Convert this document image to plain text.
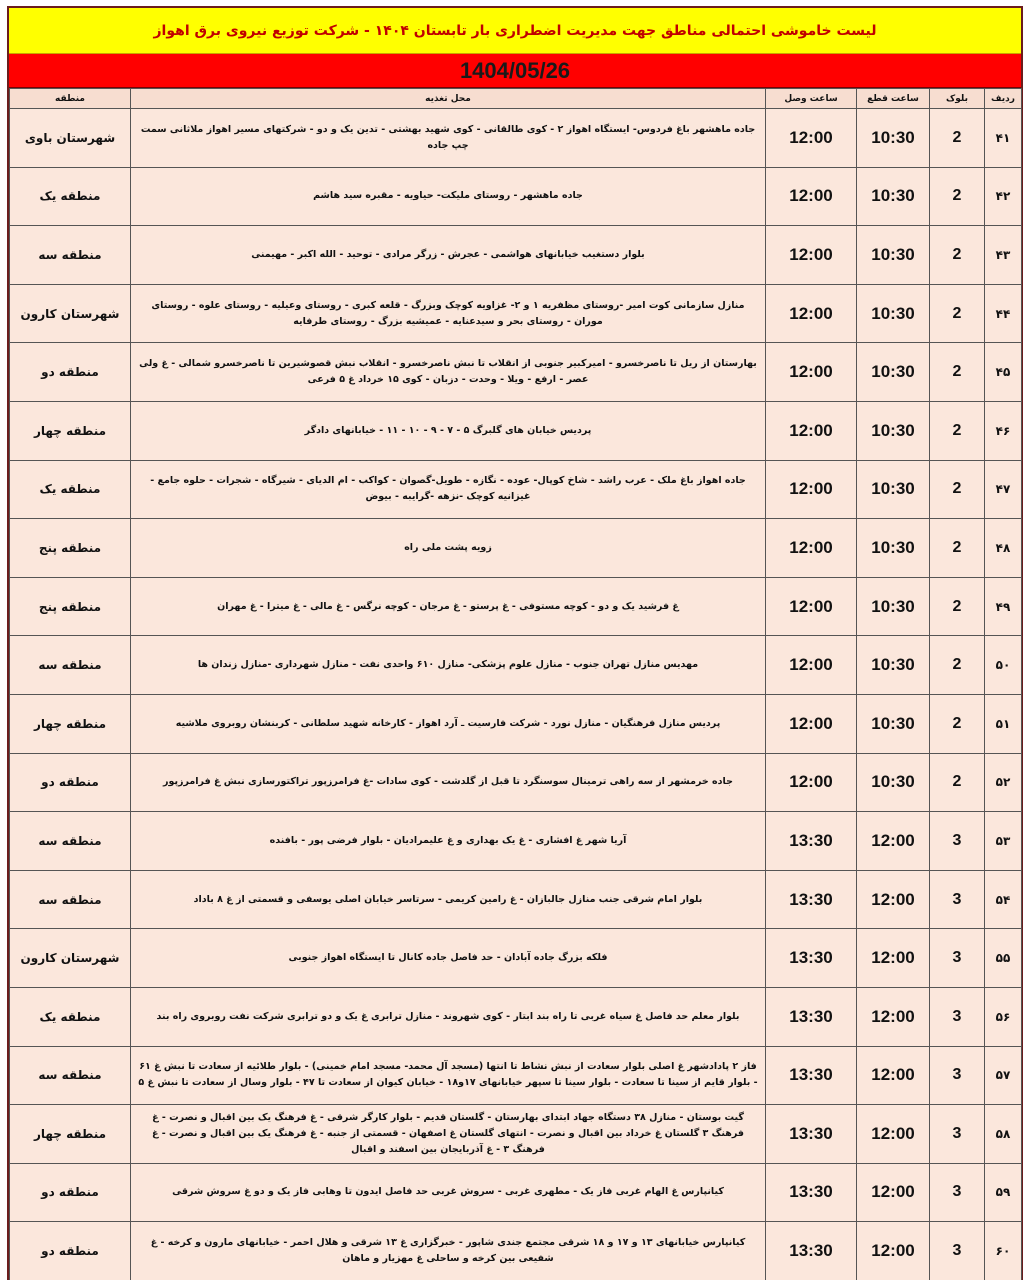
لیست خاموشی احتمالی مناطق جهت مدیریت اضطراری بار تابستان ۱۴۰۴ - شرکت توزیع نیروی برق اهواز
1404/05/26
ردیف	بلوک	ساعت قطع	ساعت وصل	محل تغذیه	منطقه
۴۱	2	10:30	12:00	جاده ماهشهر باغ فردوس- ایستگاه اهواز ۲ - کوی طالقانی - کوی شهید بهشتی - تدین یک و دو - شرکتهای مسیر اهواز ملاثانی سمت چپ جاده	شهرستان باوی
۴۲	2	10:30	12:00	جاده ماهشهر - روستای ملیکت- حیاویه - مقبره سید هاشم	منطقه یک
۴۳	2	10:30	12:00	بلوار دستغیب خیابانهای هواشمی - عجرش - زرگر مرادی - توحید - الله اکبر - مهیمنی	منطقه سه
۴۴	2	10:30	12:00	منازل سازمانی کوت امیر -روستای مظفریه ۱ و ۲- غزاویه کوچک وبزرگ - قلعه کبری - روستای وعیلیه - روستای علوه - روستای موران - روستای بحر و سیدعنایه - عمیشیه بزرگ - روستای طرفایه	شهرستان کارون
۴۵	2	10:30	12:00	بهارستان از ریل تا ناصرخسرو - امیرکبیر جنوبی از انقلاب تا نبش ناصرخسرو - انقلاب نبش قصوشیرین تا ناصرخسرو شمالی - غ ولی عصر - ارفع - ویلا - وحدت - دزبان - کوی ۱۵ خرداد غ ۵ فرعی	منطقه دو
۴۶	2	10:30	12:00	پردیس خیابان های گلبرگ ۵ - ۷ - ۹ - ۱۰ - ۱۱ - خیابانهای دادگر	منطقه چهار
۴۷	2	10:30	12:00	جاده اهواز باغ ملک - عرب راشد - شاخ کوپال- عوده - نگازه - طویل-گصوان - کواکب - ام الدیای - شیرگاه - شجرات - حلوه جامع - غیزانیه کوچک -نزهه -گرایبه - بیوض	منطقه یک
۴۸	2	10:30	12:00	زویه پشت ملی راه	منطقه پنج
۴۹	2	10:30	12:00	غ فرشید یک و دو - کوچه مستوفی - غ پرستو - غ مرجان - کوچه نرگس - غ مالی - غ میترا - غ مهران	منطقه پنج
۵۰	2	10:30	12:00	مهدیس منازل تهران جنوب - منازل علوم پزشکی- منازل ۶۱۰ واحدی نفت - منازل شهرداری -منازل زندان ها	منطقه سه
۵۱	2	10:30	12:00	پردیس منازل فرهنگیان - منازل نورد - شرکت فارسیت ـ آرد اهواز - کارخانه شهید سلطانی - کربنشان روبروی ملاشیه	منطقه چهار
۵۲	2	10:30	12:00	جاده خرمشهر از سه راهی ترمینال سوسنگرد تا قبل از گلدشت - کوی سادات -غ فرامرزپور تراکتورسازی نبش غ فرامرزپور	منطقه دو
۵۳	3	12:00	13:30	آریا شهر غ افشاری - غ یک بهداری و غ علیمرادیان - بلوار فرضی پور - بافنده	منطقه سه
۵۴	3	12:00	13:30	بلوار امام شرقی جنب منازل جالبازان - غ رامین کریمی - سرتاسر خیابان اصلی یوسفی و قسمتی از غ ۸ باداد	منطقه سه
۵۵	3	12:00	13:30	فلکه بزرگ جاده آبادان - حد فاصل جاده کانال تا ایستگاه اهواز جنوبی	شهرستان کارون
۵۶	3	12:00	13:30	بلوار معلم حد فاصل غ سیاه غربی تا راه بند ابتار - کوی شهروند - منازل ترابری غ یک و دو ترابری شرکت نفت روبروی راه بند	منطقه یک
۵۷	3	12:00	13:30	فاز ۲ پادادشهر غ اصلی بلوار سعادت از نبش نشاط تا انتها (مسجد آل محمد- مسجد امام خمینی) - بلوار طلائیه از سعادت تا نبش غ ۶۱ - بلوار قایم از سینا تا سعادت - بلوار سینا تا سپهر خیابانهای ۱۷و۱۸ - خیابان کیوان از سعادت تا ۴۷ - بلوار وسال از سعادت تا نبش غ ۵	منطقه سه
۵۸	3	12:00	13:30	گیت بوستان - منازل ۳۸ دستگاه جهاد ابتدای بهارستان - گلستان قدیم - بلوار کارگر شرقی - غ فرهنگ یک بین اقبال و نصرت - غ فرهنگ ۳ گلستان غ خرداد بین اقبال و نصرت - انتهای گلستان غ اصفهان - قسمتی از جنبه - غ فرهنگ یک بین اقبال و نصرت - غ فرهنگ ۳ - غ آذربایجان بین اسفند و اقبال	منطقه چهار
۵۹	3	12:00	13:30	کیانپارس غ الهام غربی فاز یک - مطهری غربی - سروش غربی حد فاصل ایدون تا وهابی فاز یک و دو غ سروش شرقی	منطقه دو
۶۰	3	12:00	13:30	کیانپارس خیابانهای ۱۳ و ۱۷ و ۱۸ شرقی مجتمع جندی شاپور - خبرگزاری غ ۱۳ شرقی و هلال احمر - خیابانهای مارون و کرخه - غ شفیعی بین کرخه و ساحلی غ مهزیار و ماهان	منطقه دو
